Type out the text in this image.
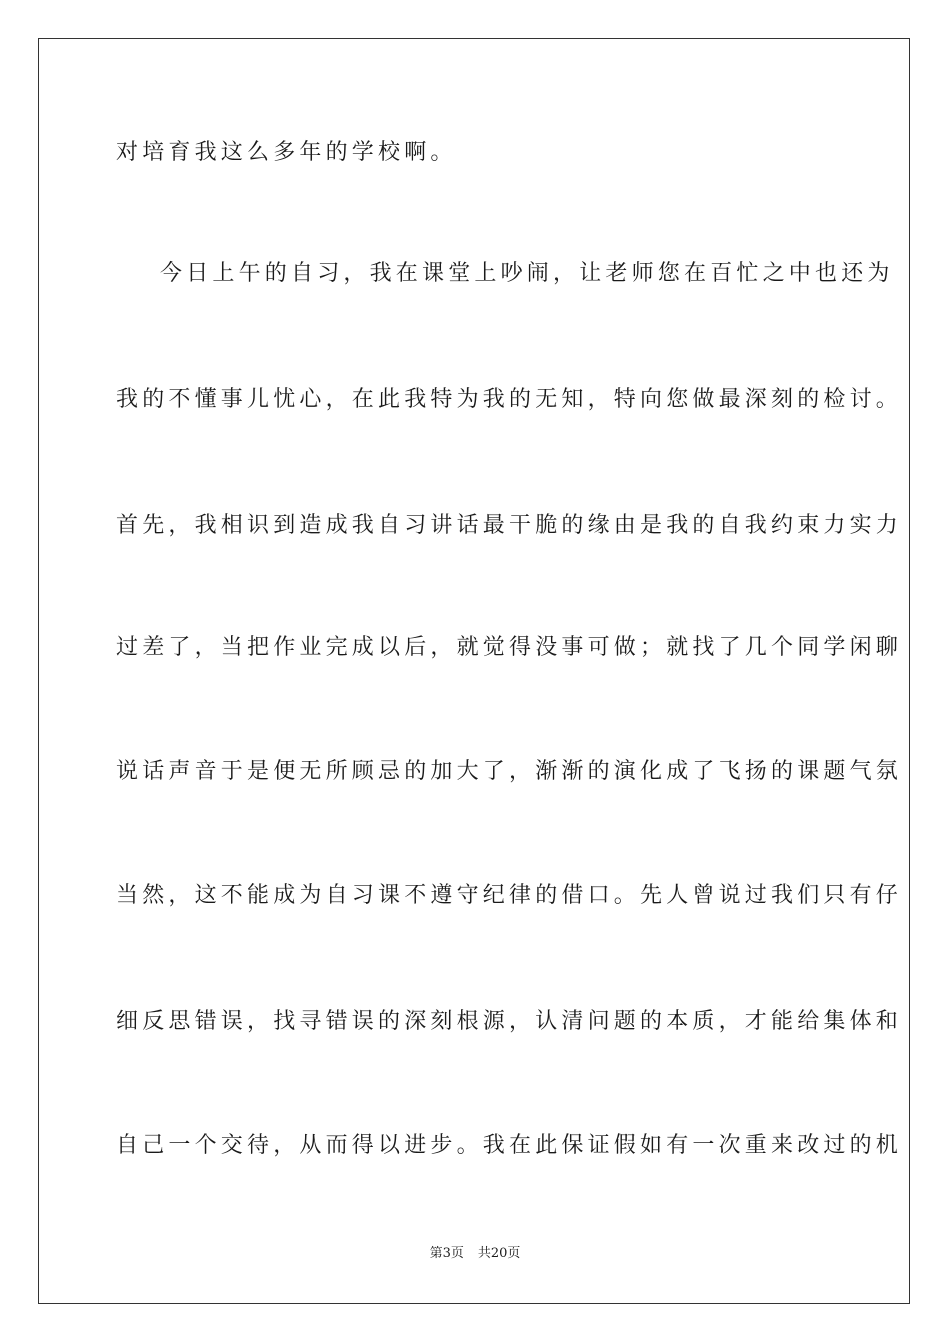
对培育我这么多年的学校啊。
今日上午的自习，我在课堂上吵闹，让老师您在百忙之中也还为
我的不懂事儿忧心，在此我特为我的无知，特向您做最深刻的检讨。
首先，我相识到造成我自习讲话最干脆的缘由是我的自我约束力实力
过差了，当把作业完成以后，就觉得没事可做；就找了几个同学闲聊
说话声音于是便无所顾忌的加大了，渐渐的演化成了飞扬的课题气氛
当然，这不能成为自习课不遵守纪律的借口。先人曾说过我们只有仔
细反思错误，找寻错误的深刻根源，认清问题的本质，才能给集体和
自己一个交待，从而得以进步。我在此保证假如有一次重来改过的机
第3页 共20页
